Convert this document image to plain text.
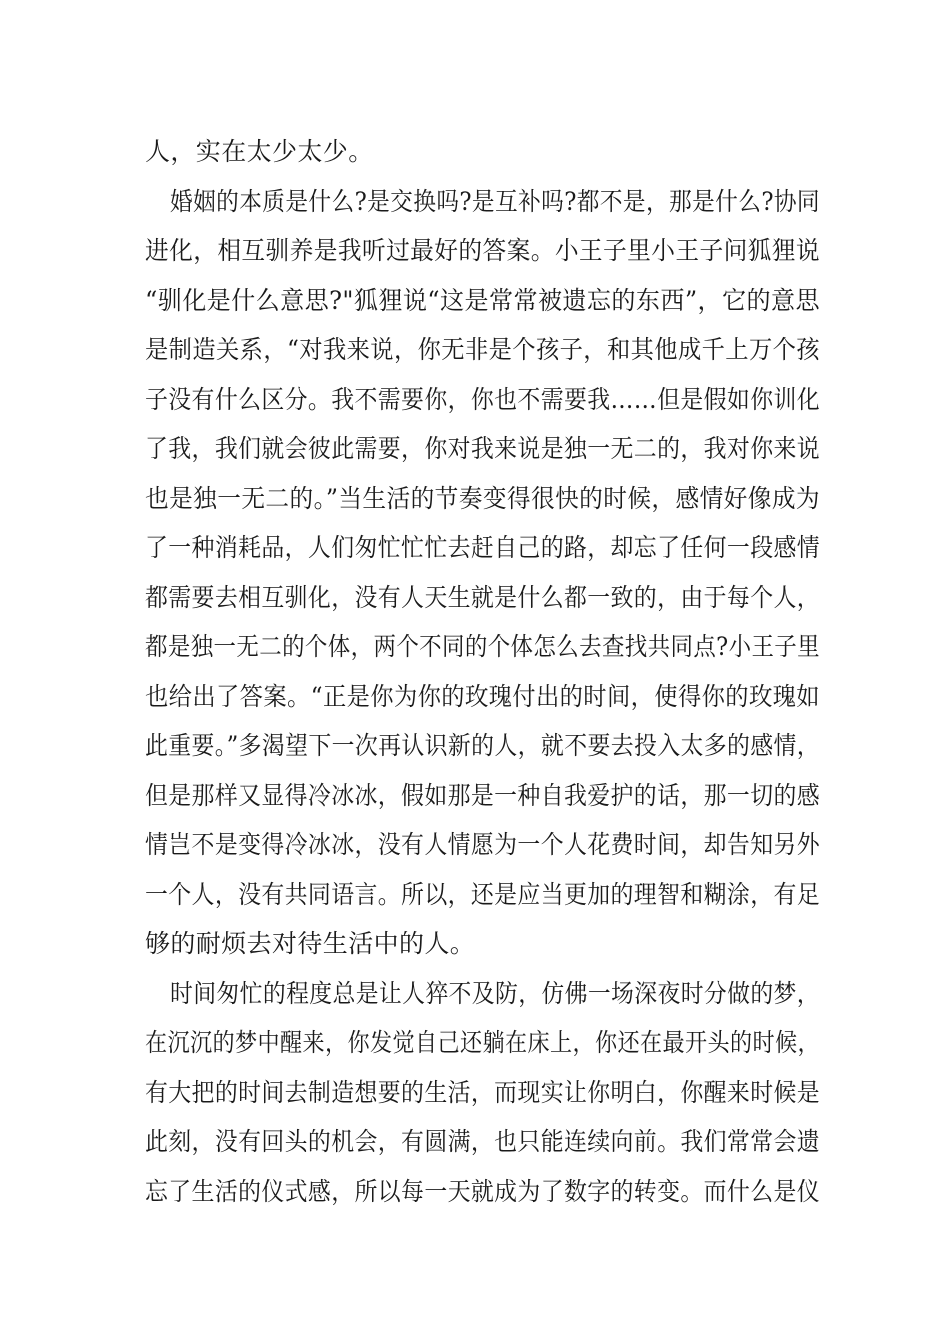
人，实在太少太少。
婚姻的本质是什么?是交换吗?是互补吗?都不是，那是什么?协同
进化，相互驯养是我听过最好的答案。小王子里小王子问狐狸说
“驯化是什么意思?"狐狸说“这是常常被遗忘的东西”，它的意思
是制造关系，“对我来说，你无非是个孩子，和其他成千上万个孩
子没有什么区分。我不需要你，你也不需要我……但是假如你训化
了我，我们就会彼此需要，你对我来说是独一无二的，我对你来说
也是独一无二的。”当生活的节奏变得很快的时候，感情好像成为
了一种消耗品，人们匆忙忙忙去赶自己的路，却忘了任何一段感情
都需要去相互驯化，没有人天生就是什么都一致的，由于每个人，
都是独一无二的个体，两个不同的个体怎么去查找共同点?小王子里
也给出了答案。“正是你为你的玫瑰付出的时间，使得你的玫瑰如
此重要。”多渴望下一次再认识新的人，就不要去投入太多的感情，
但是那样又显得冷冰冰，假如那是一种自我爱护的话，那一切的感
情岂不是变得冷冰冰，没有人情愿为一个人花费时间，却告知另外
一个人，没有共同语言。所以，还是应当更加的理智和糊涂，有足
够的耐烦去对待生活中的人。
时间匆忙的程度总是让人猝不及防，仿佛一场深夜时分做的梦，
在沉沉的梦中醒来，你发觉自己还躺在床上，你还在最开头的时候，
有大把的时间去制造想要的生活，而现实让你明白，你醒来时候是
此刻，没有回头的机会，有圆满，也只能连续向前。我们常常会遗
忘了生活的仪式感，所以每一天就成为了数字的转变。而什么是仪
